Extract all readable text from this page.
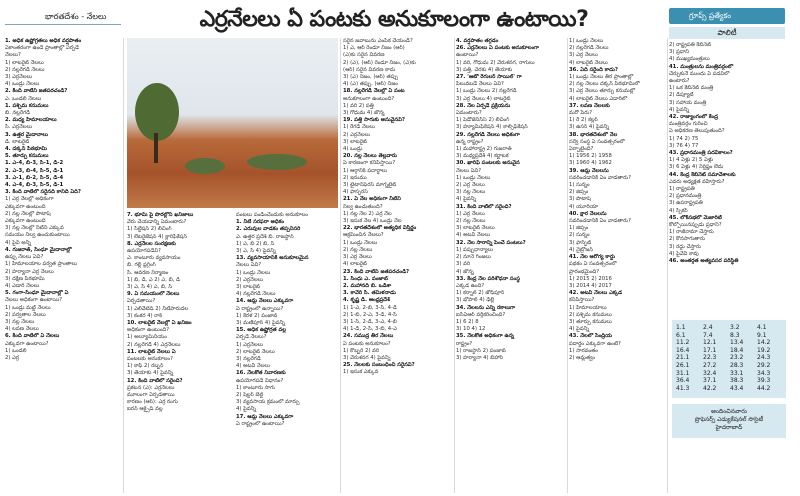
భారతదేశం - నేలలు	ఎర్రనేలలు ఏ పంటకు అనుకూలంగా ఉంటాయి?	గ్రూప్స్ ప్రత్యేకం
పాలిటీ

1. అధిక ఉష్ణోగ్రతలు అధిక వర్షపాతం

ఏకాంతరంగా ఉండే ప్రాంతాల్లో ఏర్పడే

నేలలు?

1) లాటరైట్ నేలలు

2) నల్లరేగడి నేలలు

3) ఎర్రనేలలు

4) ఒండ్రు నేలలు

2. కింది వాటిని జతపరచండి?

ఎ. ఒండలి నేలలు

1. పశ్చిమ కనుమలు

బి. నల్లరేగడి

2. మధ్య హిమాలయాలు

సి. ఎర్రనేలలు

3. ఉత్తర మైదానాలు

డి. లాటరైట్

4. దక్కన్ పీఠభూమి

5. తూర్పు కనుమలు

1. ఎ-4, బి-3, సి-1, డి-2

2. ఎ-3, బి-4, సి-5, డి-1

3. ఎ-1, బి-2, సి-5, డి-4

4. ఎ-4, బి-3, సి-5, డి-1

3. కింది వాటిలో సరైనది కానిది ఏది?

1) ఎర్ర నేలల్లో అధికంగా

ఎక్కువగా ఉంటుంది

2) నల్ల నేలల్లో పొటాష్

ఎక్కువగా ఉంటుంది

3) నల్ల నేలల్లో నీటిని ఎక్కువ

సమయం నిల్వ ఉంచుకుంటాయి

4) పైవి అన్నీ

4. గుజరాత్, సింధూ మైదానాల్లో

ఉప్పు నేలలు ఏవి?

1) హిమాలయాల పర్వత ప్రాంతాలు

2) హర్యానా ఎర్ర నేలలు

3) దక్షిణ పీఠభూమి

4) ఎడారి నేలలు

5. గంగా-సింధూ మైదానాల్లో ఏ

నేలలు అధికంగా ఉంటాయి?

1) ఒండ్రు మట్టి నేలలు

2) పర్వతాల నేలలు

3) నల్ల నేలలు

4) లవణ నేలలు

6. కింది వాటిలో ఏ నేలలు

ఎక్కువగా ఉంటాయి?

1) ఒండలి

2) ఎర్ర

7. భూమి పై పొరల్లోని ఖనిజాలు

వేరు చేయడాన్ని ఏమంటారు?

1) సిల్టేషన్ 2) లీచింగ్

3) లేటరైజేషన్ 4) క్లారిఫికేషన్

8. ఎర్రనేలల సంరక్షణకు

ఉపయోగపడేవి?

ఎ. కాంటూరు వ్యవసాయం

బి. గల్లీ ప్లగ్గింగ్

సి. ఆవరణ నిర్మాణం

1) బి, డి, ఎ 2) ఎ, బి, డి

3) ఎ, సి 4) ఎ, బి, సి

9. ఏ సమయంలో నేలలు

ఏర్పడతాయి?

1) ఎలివేటెడ్ 2) నీటిపారుదల

3) కంకర 4) రాక్

10. లాటరైట్ నేలల్లో ఏ ఖనిజం

అధికంగా ఉంటుంది?

1) అల్యూమినియం

2) నల్లరేగడి 4) ఎర్రనేలలు

11. లాటరైట్ నేలలు ఏ

పంటలకు అనుకూలం?

1) కాఫీ 2) రబ్బర్

3) తేయాకు 4) పైవన్నీ

12. కింది వాటిలో సరైంది?

ప్రకటన (ఎ): ఎర్రనేలలు

మూలంగా ఏర్పడతాయి

కారణం (ఆర్): ఎర్ర రంగు

ఐరన్ ఆక్సైడ్ వల్ల

పంటలు పండించేందుకు అనుకూలం

1. నీటి సరఫరా అధికం

2. ఎరువుల వాడకం తప్పనిసరి

ఎ. ఉత్తర ప్రదేశ్ బి. రాజస్థాన్

1) ఎ, బి 2) బి, సి

3) ఎ, సి 4) పైవన్నీ

13. వ్యవసాయానికి అనుకూలమైన

నేలలు ఏవి?

1) ఒండ్రు నేలలు

2) ఎర్రనేలలు

3) లాటరైట్

4) నల్లరేగడి నేలలు

14. ఆమ్ల నేలలు ఎక్కువగా

ఏ రాష్ట్రంలో ఉన్నాయి?

1) కేరళ 2) పంజాబ్

3) మణిపూర్ 4) పైవన్నీ

15. అధిక ఉష్ణోగ్రత వల్ల

ఏర్పడే నేలలు?

1) ఎర్రనేలలు

2) లాటరైట్ నేలలు

3) నల్లరేగడి

4) అటవీ నేలలు

16. నేలకోత నివారణకు

ఉపయోగపడే విధానం?

1) కాంటూరు సాగు

2) షెల్టర్ బెల్ట్

3) వ్యవసాయ క్రమంలో మార్పు

4) పైవన్నీ

17. ఆమ్ల నేలలు ఎక్కువగా

ఏ రాష్ట్రంలో ఉంటాయి?

సరైన జవాబును ఎంపిక చేయండి?

1) ఎ, ఆర్ రెండూ నిజం (ఆర్)

(ఎ)కు సరైన వివరణ

2) (ఎ), (ఆర్) రెండూ నిజం, (ఎ)కు

(ఆర్) సరైన వివరణ కాదు

3) (ఎ) నిజం, (ఆర్) తప్పు

4) (ఎ) తప్పు, (ఆర్) నిజం

18. నల్లరేగడి నేలల్లో ఏ పంట

అనుకూలంగా ఉంటుంది?

1) వరి 2) పత్తి

3) గోధుమ 4) జొన్న

19. పత్తి సాగుకు అనువైనవి?

1) రేగడి నేలలు

2) ఎర్రనేలలు

3) లాటరైట్

4) ఒండ్రు

20. నల్ల నేలలు తెల్లవారు

ఏ కారణంగా కనిపిస్తాయి?

1) ఆర్గానిక్ పదార్థాలు

2) ఇనుము

3) టైటానిఫెరస్ మాగ్నటైట్

4) ఫాస్ఫరస్

21. ఏ నేల అధికంగా నీటిని

నిల్వ ఉంచుతుంది?

1) నల్ల నేల 2) ఎర్ర నేల

3) ఇసుక నేల 4) ఒండ్రు నేల

22. భారతదేశంలో అత్యధిక విస్తీర్ణం

ఆక్రమించిన నేలలు?

1) ఒండ్రు నేలలు

2) నల్ల నేలలు

3) ఎర్ర నేలలు

4) లాటరైట్

23. కింది వాటిని జతపరచండి?

1. సింధు ఎ. పంజాబ్

2. మహానది బి. ఒడిశా

3. కావేరి సి. తమిళనాడు

4. కృష్ణ డి. ఆంధ్రప్రదేశ్

1) 1-ఎ, 2-బి, 3-సి, 4-డి

2) 1-బి, 2-ఎ, 3-డి, 4-సి

3) 1-సి, 2-డి, 3-ఎ, 4-బి

4) 1-డి, 2-సి, 3-బి, 4-ఎ

24. సముద్ర తీర నేలలు

ఏ పంటకు అనుకూలం?

1) కొబ్బరి 2) వరి

3) వేరుశనగ 4) పైవన్నీ

25. నేలలకు సంబంధించి సరైనవి?

1) ఇసుక ఎక్కువ

4. వర్షపాతం తగ్గడం

26. ఎర్రనేలలు ఏ పంటకు అనుకూలంగా

ఉంటాయి?

1) వరి, గోధుమ 2) వేరుశనగ, రాగులు

3) పత్తి, చెరకు 4) తేయాకు

27. 'ఆటో రేగులర్ సాయిల్' గా

పిలువబడే నేలలు ఏవి?

1) ఒండ్రు నేలలు 2) నల్లరేగడి

3) ఎర్ర నేలలు 4) లాటరైట్

28. నేల ఏర్పడే ప్రక్రియను

ఏమంటారు?

1) పెడోజెనిసిస్ 2) లీచింగ్

3) హ్యూమిఫికేషన్ 4) కాల్సిఫికేషన్

29. నల్లరేగడి నేలలు అధికంగా

ఉన్న రాష్ట్రం?

1) మహారాష్ట్ర 2) గుజరాత్

3) మధ్యప్రదేశ్ 4) కర్ణాటక

30. ఖారిఫ్ పంటలకు అనువైన

నేలలు ఏవి?

1) ఒండ్రు నేలలు

2) ఎర్ర నేలలు

3) నల్ల నేలలు

4) పైవన్నీ

31. కింది వాటిలో సరైంది?

1) ఎర్ర నేలలు

2) నల్ల నేలలు

3) లాటరైట్ నేలలు

4) అటవీ నేలలు

32. నేల సారాన్ని పెంచే పంటలు?

1) పప్పుధాన్యాలు

2) నూనె గింజలు

3) వరి

4) జొన్న

33. కేంద్ర నేల పరిశోధనా సంస్థ

ఎక్కడ ఉంది?

1) కర్నాల్ 2) జోధ్‌పూర్

3) భోపాల్ 4) ఢిల్లీ

34. నేలలను ఎన్ని రకాలుగా

ఐసీఏఆర్ వర్గీకరించింది?

1) 6 2) 8

3) 10 4) 12

35. నేలకోత అధికంగా ఉన్న

రాష్ట్రం?

1) రాజస్థాన్ 2) పంజాబ్

3) హర్యానా 4) బిహార్

1) ఒండ్రు నేలలు

2) నల్లరేగడి నేలలు

3) ఎర్ర నేలలు

4) లాటరైట్ నేలలు

36. ఏది సరైంది కాదు?

1) ఒండ్రు నేలలు తీర ప్రాంతాల్లో

2) నల్ల నేలలు దక్కన్ పీఠభూమిలో

3) ఎర్ర నేలలు తూర్పు కనుమల్లో

4) లాటరైట్ నేలలు ఎడారిలో

37. లవణ నేలలకు

మరో పేరు?

1) రే 2) కల్లర్

3) ఉసర్ 4) పైవన్నీ

38. భారతదేశంలో నేల

సర్వే సంస్థ ఏ సంవత్సరంలో

ఏర్పాటైంది?

1) 1956 2) 1958

3) 1960 4) 1962

39. ఆమ్ల నేలలను

సవరించడానికి ఏం వాడతారు?

1) సున్నం

2) జిప్సం

3) పొటాష్

4) యూరియా

40. క్షార నేలలను

సవరించడానికి ఏం వాడతారు?

1) జిప్సం

2) సున్నం

3) ఫాస్ఫేట్

4) నైట్రోజన్

41. నేల ఆరోగ్య కార్డు

పథకం ఏ సంవత్సరంలో

ప్రారంభమైంది?

1) 2015 2) 2016

3) 2014 4) 2017

42. అటవీ నేలలు ఎక్కడ

కనిపిస్తాయి?

1) హిమాలయాలు

2) పశ్చిమ కనుమలు

3) తూర్పు కనుమలు

4) పైవన్నీ

43. నేలలో సేంద్రియ

పదార్థం ఎక్కువగా ఉంటే?

1) సారవంతం

2) ఆమ్లత్వం

2) రాష్ట్రపతి కేబినెట్

3) ప్రధాని

4) ముఖ్యమంత్రులు

41. మంత్రులను మంత్రివర్గంలో

చేర్చుకునే ముందు ఏ పదవిలో

ఉంటారు?

1) ఒక కేబినెట్ మంత్రి

2) డిప్యూటీ

3) సహాయ మంత్రి

4) పైవన్నీ

42. రాజ్యాంగంలో కేంద్ర

మంత్రివర్గం గురించి

ఏ అధికరణ తెలుపుతుంది?

1) 74 2) 75

3) 76 4) 77

43. ప్రధానమంత్రి పదవీకాలం?

1) 4 ఏళ్లు 2) 5 ఏళ్లు

3) 6 ఏళ్లు 4) నిర్దిష్టం లేదు

44. కేంద్ర కేబినెట్ సమావేశాలకు

ఎవరు అధ్యక్షత వహిస్తారు?

1) రాష్ట్రపతి

2) ప్రధానమంత్రి

3) ఉపరాష్ట్రపతి

4) స్పీకర్

45. లోక్‌సభలో మెజారిటీ

కోల్పోయినప్పుడు ప్రధాని?

1) రాజీనామా చేస్తారు

2) కొనసాగుతారు

3) రద్దు చేస్తారు

4) పైవేవీ కావు

46. అంతర్గత అత్యవసర పరిస్థితి

1.1	2.4	3.2	4.1
6.1	7.4	8.3	9.1
11.2	12.1	13.4	14.2
16.4	17.1	18.4	19.2
21.1	22.3	23.2	24.3
26.1	27.2	28.3	29.2
31.1	32.4	33.1	34.3
36.4	37.1	38.3	39.3
41.3	42.2	43.4	44.2
అందించినవారు
ప్రొఫెసర్స్ ఎడ్యుకేషనల్ సొసైటీ
హైదరాబాద్
